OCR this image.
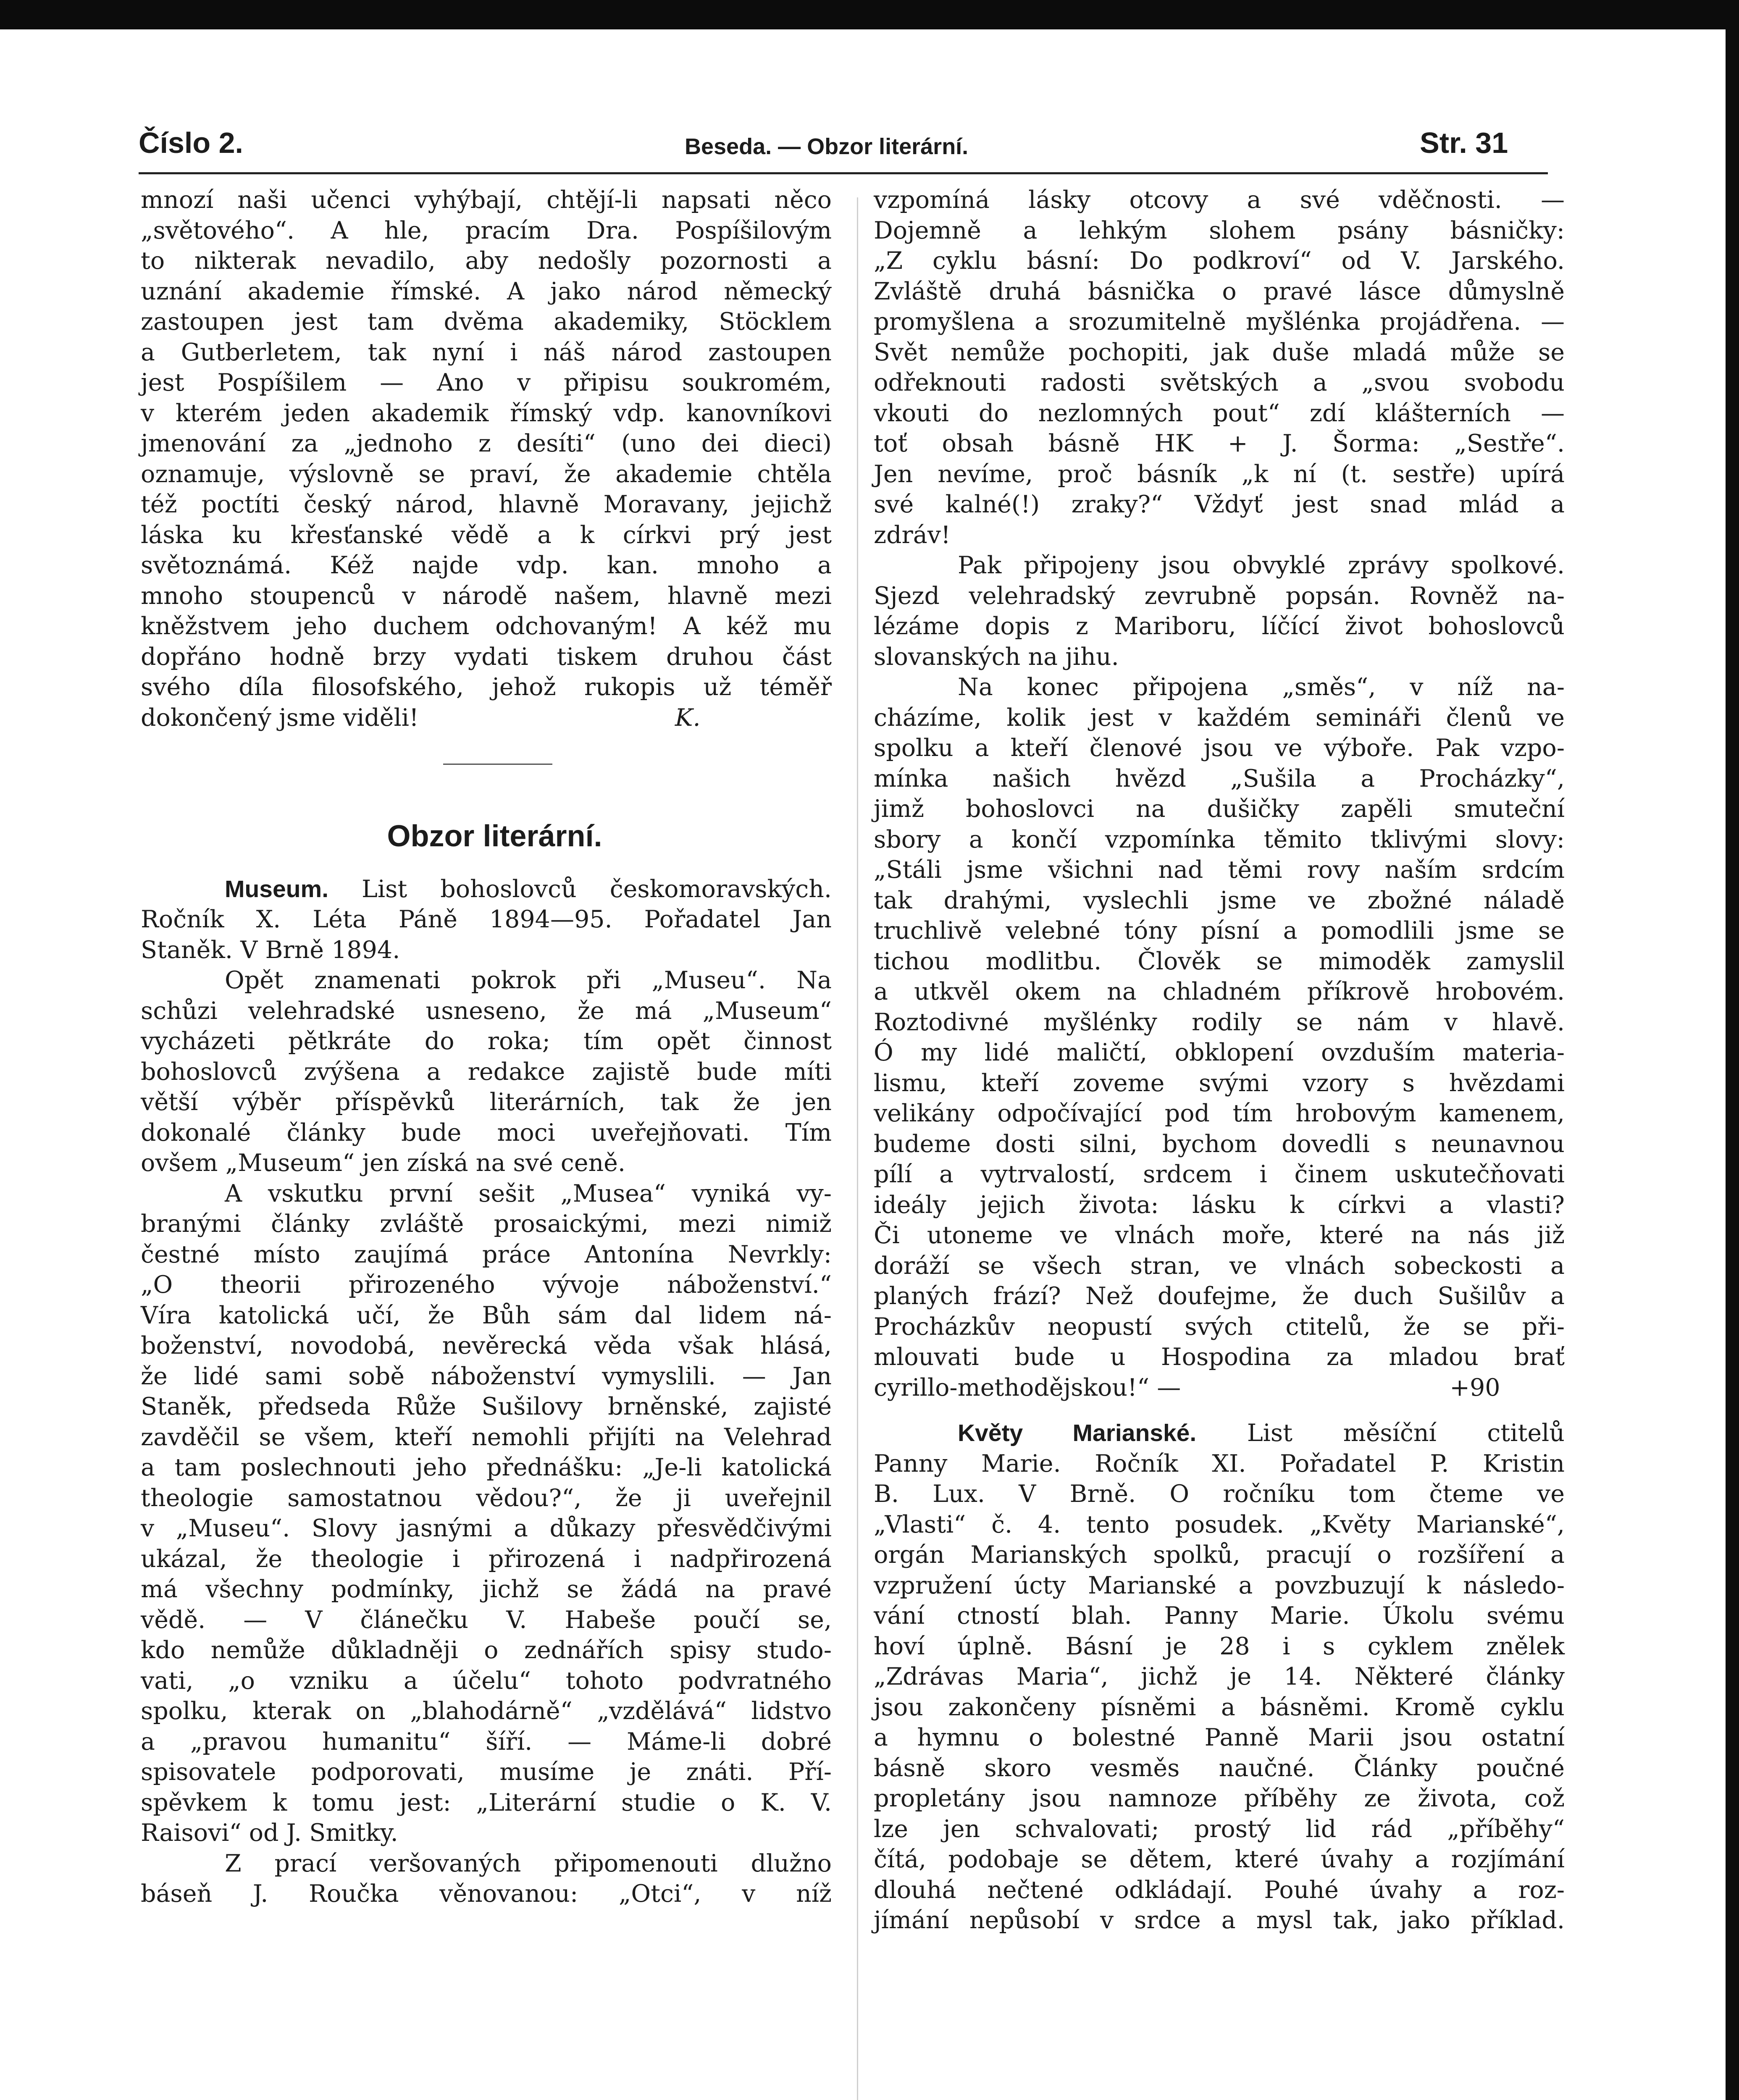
Číslo 2.	Beseda. — Obzor literární.	Str. 31
mnozí naši učenci vyhýbají, chtějí-li napsati něco
„světového“. A hle, pracím Dra. Pospíšilovým
to nikterak nevadilo, aby nedošly pozornosti a
uznání akademie římské. A jako národ německý
zastoupen jest tam dvěma akademiky, Stöcklem
a Gutberletem, tak nyní i náš národ zastoupen
jest Pospíšilem — Ano v připisu soukromém,
v kterém jeden akademik římský vdp. kanovníkovi
jmenování za „jednoho z desíti“ (uno dei dieci)
oznamuje, výslovně se praví, že akademie chtěla
též poctíti český národ, hlavně Moravany, jejichž
láska ku křesťanské vědě a k církvi prý jest
světoznámá. Kéž najde vdp. kan. mnoho a
mnoho stoupenců v národě našem, hlavně mezi
kněžstvem jeho duchem odchovaným! A kéž mu
dopřáno hodně brzy vydati tiskem druhou část
svého díla filosofského, jehož rukopis už téměř
dokončený jsme viděli!	K.
Obzor literární.
Museum. List bohoslovců českomoravských.
Ročník X. Léta Páně 1894—95. Pořadatel Jan
Staněk. V Brně 1894.
Opět znamenati pokrok při „Museu“. Na
schůzi velehradské usneseno, že má „Museum“
vycházeti pětkráte do roka; tím opět činnost
bohoslovců zvýšena a redakce zajistě bude míti
větší výběr příspěvků literárních, tak že jen
dokonalé články bude moci uveřejňovati. Tím
ovšem „Museum“ jen získá na své ceně.
A vskutku první sešit „Musea“ vyniká vy-
branými články zvláště prosaickými, mezi nimiž
čestné místo zaujímá práce Antonína Nevrkly:
„O theorii přirozeného vývoje náboženství.“
Víra katolická učí, že Bůh sám dal lidem ná-
boženství, novodobá, nevěrecká věda však hlásá,
že lidé sami sobě náboženství vymyslili. — Jan
Staněk, předseda Růže Sušilovy brněnské, zajisté
zavděčil se všem, kteří nemohli přijíti na Velehrad
a tam poslechnouti jeho přednášku: „Je-li katolická
theologie samostatnou vědou?“, že ji uveřejnil
v „Museu“. Slovy jasnými a důkazy přesvědčivými
ukázal, že theologie i přirozená i nadpřirozená
má všechny podmínky, jichž se žádá na pravé
vědě. — V článečku V. Habeše poučí se,
kdo nemůže důkladněji o zednářích spisy studo-
vati, „o vzniku a účelu“ tohoto podvratného
spolku, kterak on „blahodárně“ „vzdělává“ lidstvo
a „pravou humanitu“ šíří. — Máme-li dobré
spisovatele podporovati, musíme je znáti. Pří-
spěvkem k tomu jest: „Literární studie o K. V.
Raisovi“ od J. Smitky.
Z prací veršovaných připomenouti dlužno
báseň J. Roučka věnovanou: „Otci“, v níž
vzpomíná lásky otcovy a své vděčnosti. —
Dojemně a lehkým slohem psány básničky:
„Z cyklu básní: Do podkroví“ od V. Jarského.
Zvláště druhá básnička o pravé lásce důmyslně
promyšlena a srozumitelně myšlénka projádřena. —
Svět nemůže pochopiti, jak duše mladá může se
odřeknouti radosti světských a „svou svobodu
vkouti do nezlomných pout“ zdí klášterních —
toť obsah básně HK + J. Šorma: „Sestře“.
Jen nevíme, proč básník „k ní (t. sestře) upírá
své kalné(!) zraky?“ Vždyť jest snad mlád a
zdráv!
Pak připojeny jsou obvyklé zprávy spolkové.
Sjezd velehradský zevrubně popsán. Rovněž na-
lézáme dopis z Mariboru, líčící život bohoslovců
slovanských na jihu.
Na konec připojena „směs“, v níž na-
cházíme, kolik jest v každém semináři členů ve
spolku a kteří členové jsou ve výboře. Pak vzpo-
mínka našich hvězd „Sušila a Procházky“,
jimž bohoslovci na dušičky zapěli smuteční
sbory a končí vzpomínka těmito tklivými slovy:
„Stáli jsme všichni nad těmi rovy naším srdcím
tak drahými, vyslechli jsme ve zbožné náladě
truchlivě velebné tóny písní a pomodlili jsme se
tichou modlitbu. Člověk se mimoděk zamyslil
a utkvěl okem na chladném příkrově hrobovém.
Roztodivné myšlénky rodily se nám v hlavě.
Ó my lidé maličtí, obklopení ovzduším materia-
lismu, kteří zoveme svými vzory s hvězdami
velikány odpočívající pod tím hrobovým kamenem,
budeme dosti silni, bychom dovedli s neunavnou
pílí a vytrvalostí, srdcem i činem uskutečňovati
ideály jejich života: lásku k církvi a vlasti?
Či utoneme ve vlnách moře, které na nás již
doráží se všech stran, ve vlnách sobeckosti a
planých frází? Než doufejme, že duch Sušilův a
Procházkův neopustí svých ctitelů, že se při-
mlouvati bude u Hospodina za mladou brať
cyrillo-methodějskou!“ —	+90
Květy Marianské. List měsíční ctitelů
Panny Marie. Ročník XI. Pořadatel P. Kristin
B. Lux. V Brně. O ročníku tom čteme ve
„Vlasti“ č. 4. tento posudek. „Květy Marianské“,
orgán Marianských spolků, pracují o rozšíření a
vzpružení úcty Marianské a povzbuzují k následo-
vání ctností blah. Panny Marie. Úkolu svému
hoví úplně. Básní je 28 i s cyklem znělek
„Zdrávas Maria“, jichž je 14. Některé články
jsou zakončeny písněmi a básněmi. Kromě cyklu
a hymnu o bolestné Panně Marii jsou ostatní
básně skoro vesměs naučné. Články poučné
propletány jsou namnoze příběhy ze života, což
lze jen schvalovati; prostý lid rád „příběhy“
čítá, podobaje se dětem, které úvahy a rozjímání
dlouhá nečtené odkládají. Pouhé úvahy a roz-
jímání nepůsobí v srdce a mysl tak, jako příklad.
